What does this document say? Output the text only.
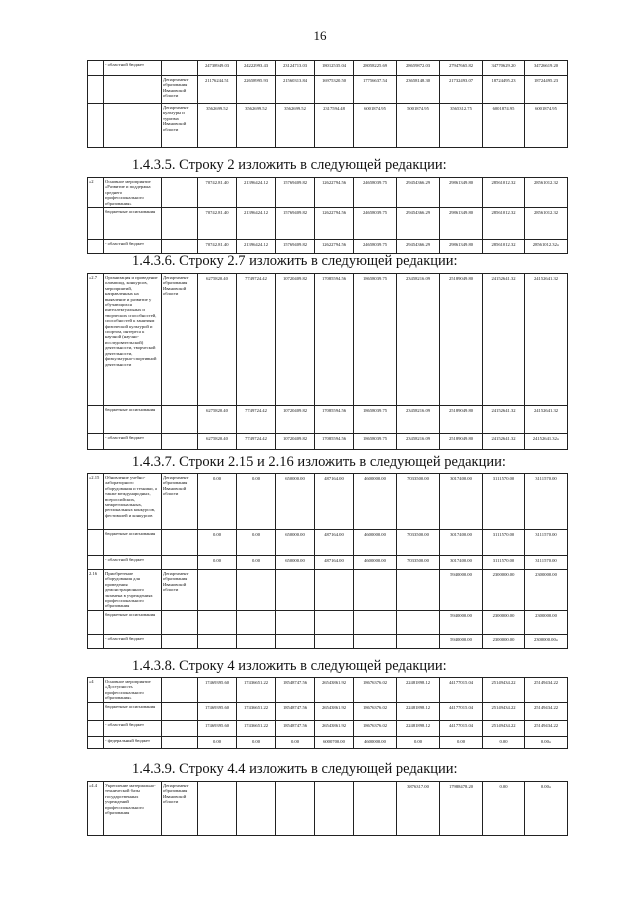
16
	- областной бюджет		24738949.03	24222993.43	23124713.03	18012535.04	28058225.69	28659872.03	27947665.82	34770629.20	34726619.20
		Департамент образования Ивановской области	21176244.51	22658995.93	21560313.84	16975320.50	17756637.54	23658148.30	21732493.07	18724495.23	18724495.23
		Департамент культуры и туризма Ивановской области	3562699.52	3562699.52	3562699.52	2317594.48	6001874.95	5001874.95	3565312.75	6001874.95	6001874.95
1.4.3.5. Строку 2 изложить в следующей редакции:
«2	Основное мероприятие «Развитие и поддержка среднего профессионального образования»		70742.81.40	21396424.12	15769409.82	12622794.56	24658039.75	29454366.29	29861349.80	28561012.32	28561012.32
	бюджетные ассигнования		70742.81.40	21396424.12	15769409.82	12622794.56	24658039.75	29454366.29	29861349.80	28561012.32	28561012.32
	- областной бюджет		70742.81.40	21396424.12	15769409.82	12622794.56	24658039.75	29454366.29	29861349.80	28561012.32	28561012.32»
1.4.3.6. Строку 2.7 изложить в следующей редакции:
«2.7	Организация и проведение олимпиад, конкурсов, мероприятий, направленных на выявление и развитие у обучающихся интеллектуальных и творческих способностей, способностей к занятиям физической культурой и спортом, интереса к научной (научно-исследовательской) деятельности, творческой деятельности, физкультурно-спортивной деятельности	Департамент образования Ивановской области	6275820.40	7749724.42	10720409.82	17085594.56	18658039.75	23458216.09	25189049.80	24152641.32	24152641.32
	бюджетные ассигнования		6275820.40	7749724.42	10720409.82	17085594.56	18658039.75	23458216.09	25189049.80	24152641.32	24152641.32
	- областной бюджет		6275820.40	7749724.42	10720409.82	17085594.56	18658039.75	23458216.09	25189049.80	24152641.32	24152641.32»
1.4.3.7. Строки 2.15 и 2.16 изложить в следующей редакции:
«2.15	Обновление учебно-лабораторного оборудования и техники, а также международных, всероссийских, межрегиональных, региональных конкурсов, фестивалей и конкурсов	Департамент образования Ивановской области	0.00	0.00	650000.00	487164.00	4600000.00	7033500.00	3017400.00	3111570.00	3111570.00
	бюджетные ассигнования		0.00	0.00	650000.00	487164.00	4600000.00	7033500.00	3017400.00	3111570.00	3111570.00
	- областной бюджет		0.00	0.00	650000.00	487164.00	4600000.00	7033500.00	3017400.00	3111570.00	3111570.00
2.16	Приобретение оборудования для проведения демонстрационного экзамена в учреждениях профессионального образования	Департамент образования Ивановской области							5940000.00	2300000.00	2300000.00
	бюджетные ассигнования								5940000.00	2300000.00	2300000.00
	- областной бюджет								5940000.00	2300000.00	2300000.00»
1.4.3.8. Строку 4 изложить в следующей редакции:
«4	Основное мероприятие «Доступность профессионального образования»		17469395.60	17436651.22	18548747.56	26543861.92	18676376.02	22481898.12	44177015.04	25149434.22	25149434.22
	бюджетные ассигнования		17469395.60	17436651.22	18548747.56	26543861.92	18676376.02	22481898.12	44177015.04	25149434.22	25149434.22
	- областной бюджет		17469395.60	17436651.22	18548747.56	26543861.92	18676376.02	22481898.12	44177015.04	25149434.22	25149434.22
	- федеральный бюджет		0.00	0.00	0.00	6000700.00	4600000.00	0.00	0.00	0.00	0.00»
1.4.3.9. Строку 4.4 изложить в следующей редакции:
«4.4	Укрепление материально-технической базы государственных учреждений профессионального образования	Департамент образования Ивановской области						3876317.00	17988478.20	0.00	0.00»
